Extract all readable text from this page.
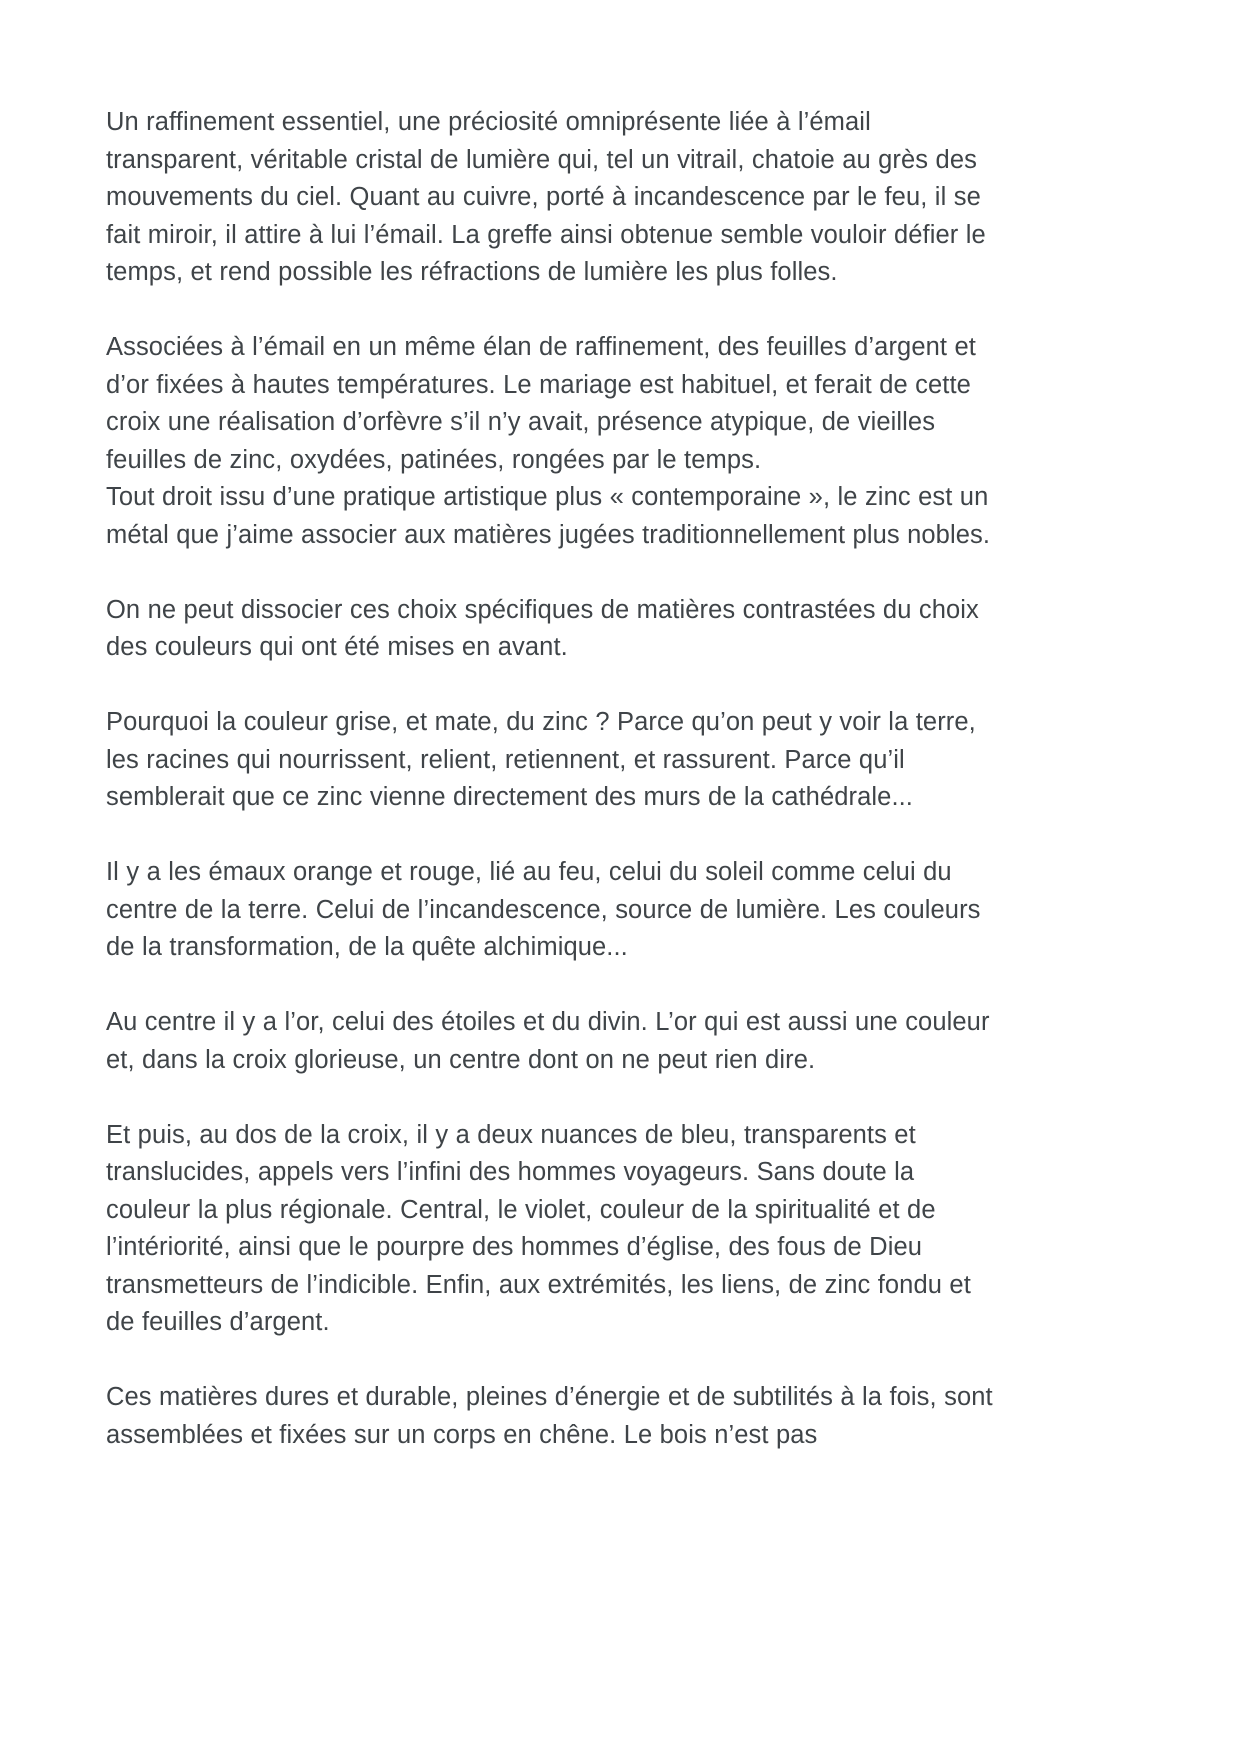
Un raffinement essentiel, une préciosité omniprésente liée à l’émail transparent, véritable cristal de lumière qui, tel un vitrail, chatoie au grès des mouvements du ciel. Quant au cuivre, porté à incandescence par le feu, il se fait miroir, il attire à lui l’émail. La greffe ainsi obtenue semble vouloir défier le temps, et rend possible les réfractions de lumière les plus folles.

Associées à l’émail en un même élan de raffinement, des feuilles d’argent et d’or fixées à hautes températures. Le mariage est habituel, et ferait de cette croix une réalisation d’orfèvre s’il n’y avait, présence atypique, de vieilles feuilles de zinc, oxydées, patinées, rongées par le temps.

Tout droit issu d’une pratique artistique plus « contemporaine », le zinc est un métal que j’aime associer aux matières jugées traditionnellement plus nobles.

On ne peut dissocier ces choix spécifiques de matières contrastées du choix des couleurs qui ont été mises en avant.

Pourquoi la couleur grise, et mate, du zinc ? Parce qu’on peut y voir la terre, les racines qui nourrissent, relient, retiennent, et rassurent. Parce qu’il semblerait que ce zinc vienne directement des murs de la cathédrale...

Il y a les émaux orange et rouge, lié au feu, celui du soleil comme celui du centre de la terre. Celui de l’incandescence, source de lumière. Les couleurs de la transformation, de la quête alchimique...

Au centre il y a l’or, celui des étoiles et du divin. L’or qui est aussi une couleur et, dans la croix glorieuse, un centre dont on ne peut rien dire.

Et puis, au dos de la croix, il y a deux nuances de bleu, transparents et translucides, appels vers l’infini des hommes voyageurs. Sans doute la couleur la plus régionale. Central, le violet, couleur de la spiritualité et de l’intériorité, ainsi que le pourpre des hommes d’église, des fous de Dieu transmetteurs de l’indicible. Enfin, aux extrémités, les liens, de zinc fondu et de feuilles d’argent.

Ces matières dures et durable, pleines d’énergie et de subtilités à la fois, sont assemblées et fixées sur un corps en chêne. Le bois n’est pas
